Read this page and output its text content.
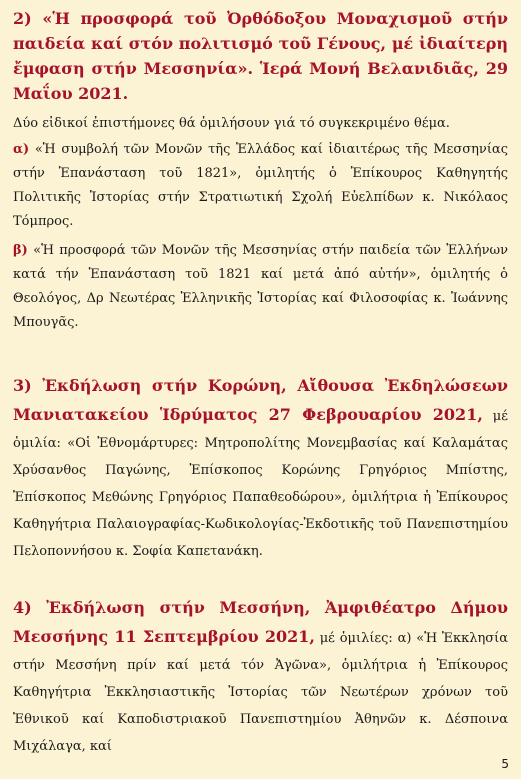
2) «Ἡ προσφορά τοῦ Ὀρθόδοξου Μοναχισμοῦ στήν παιδεία καί στόν πολιτισμό τοῦ Γένους, μέ ἰδιαίτερη ἔμφαση στήν Μεσσηνία». Ἱερά Μονή Βελανιδιᾶς, 29 Μαΐου 2021.

Δύο εἰδικοί ἐπιστήμονες θά ὁμιλήσουν γιά τό συγκεκριμένο θέμα.

α) «Ἡ συμβολή τῶν Μονῶν τῆς Ἑλλάδος καί ἰδιαιτέρως τῆς Μεσσηνίας στήν Ἐπανάσταση τοῦ 1821», ὁμιλητής ὁ Ἐπίκουρος Καθηγητής Πολιτικῆς Ἱστορίας στήν Στρατιωτική Σχολή Εὐελπίδων κ. Νικόλαος Τόμπρος.

β) «Ἡ προσφορά τῶν Μονῶν τῆς Μεσσηνίας στήν παιδεία τῶν Ἑλλήνων κατά τήν Ἐπανάσταση τοῦ 1821 καί μετά ἀπό αὐτήν», ὁμιλητής ὁ Θεολόγος, Δρ Νεωτέρας Ἑλληνικῆς Ἱστορίας καί Φιλοσοφίας κ. Ἰωάννης Μπουγᾶς.

3) Ἐκδήλωση στήν Κορώνη, Αἴθουσα Ἐκδηλώσεων Μανιατακείου Ἱδρύματος 27 Φεβρουαρίου 2021, μέ ὁμιλία: «Οἱ Ἐθνομάρτυρες: Μητροπολίτης Μονεμβασίας καί Καλαμάτας Χρύσανθος Παγώνης, Ἐπίσκοπος Κορώνης Γρηγόριος Μπίστης, Ἐπίσκοπος Μεθώνης Γρηγόριος Παπαθεοδώρου», ὁμιλήτρια ἡ Ἐπίκουρος Καθηγήτρια Παλαιογραφίας-Κωδικολογίας-Ἐκδοτικῆς τοῦ Πανεπιστημίου Πελοποννήσου κ. Σοφία Καπετανάκη.

4) Ἐκδήλωση στήν Μεσσήνη, Ἀμφιθέατρο Δήμου Μεσσήνης 11 Σεπτεμβρίου 2021, μέ ὁμιλίες: α) «Ἡ Ἐκκλησία στήν Μεσσήνη πρίν καί μετά τόν Ἀγῶνα», ὁμιλήτρια ἡ Ἐπίκουρος Καθηγήτρια Ἐκκλησιαστικῆς Ἱστορίας τῶν Νεωτέρων χρόνων τοῦ Ἐθνικοῦ καί Καποδιστριακοῦ Πανεπιστημίου Ἀθηνῶν κ. Δέσποινα Μιχάλαγα, καί

5
